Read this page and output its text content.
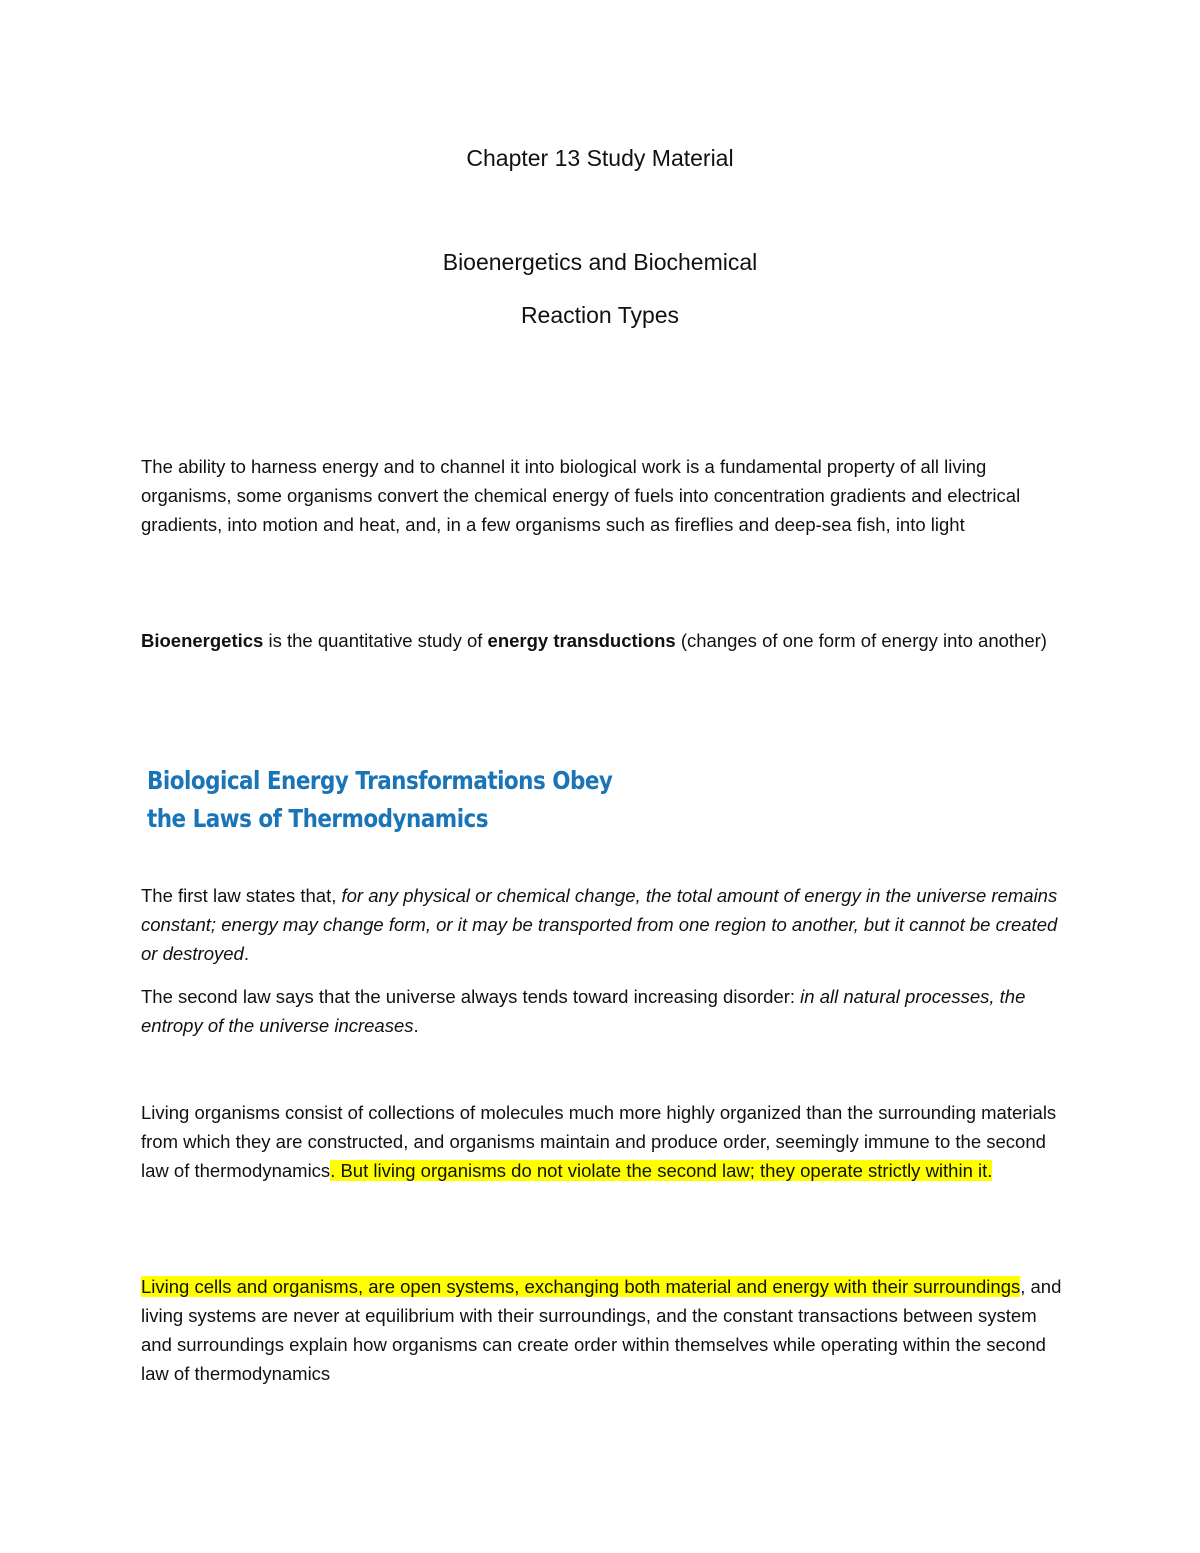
Chapter 13 Study Material
Bioenergetics and Biochemical
Reaction Types

The ability to harness energy and to channel it into biological work is a fundamental property of all living organisms, some organisms convert the chemical energy of fuels into concentration gradients and electrical gradients, into motion and heat, and, in a few organisms such as fireflies and deep-sea fish, into light

Bioenergetics is the quantitative study of energy transductions (changes of one form of energy into another)

Biological Energy Transformations Obey
the Laws of Thermodynamics

The first law states that, for any physical or chemical change, the total amount of energy in the universe remains constant; energy may change form, or it may be transported from one region to another, but it cannot be created or destroyed.

The second law says that the universe always tends toward increasing disorder: in all natural processes, the entropy of the universe increases.

Living organisms consist of collections of molecules much more highly organized than the surrounding materials from which they are constructed, and organisms maintain and produce order, seemingly immune to the second law of thermodynamics. But living organisms do not violate the second law; they operate strictly within it.

Living cells and organisms, are open systems, exchanging both material and energy with their surroundings, and living systems are never at equilibrium with their surroundings, and the constant transactions between system and surroundings explain how organisms can create order within themselves while operating within the second law of thermodynamics
